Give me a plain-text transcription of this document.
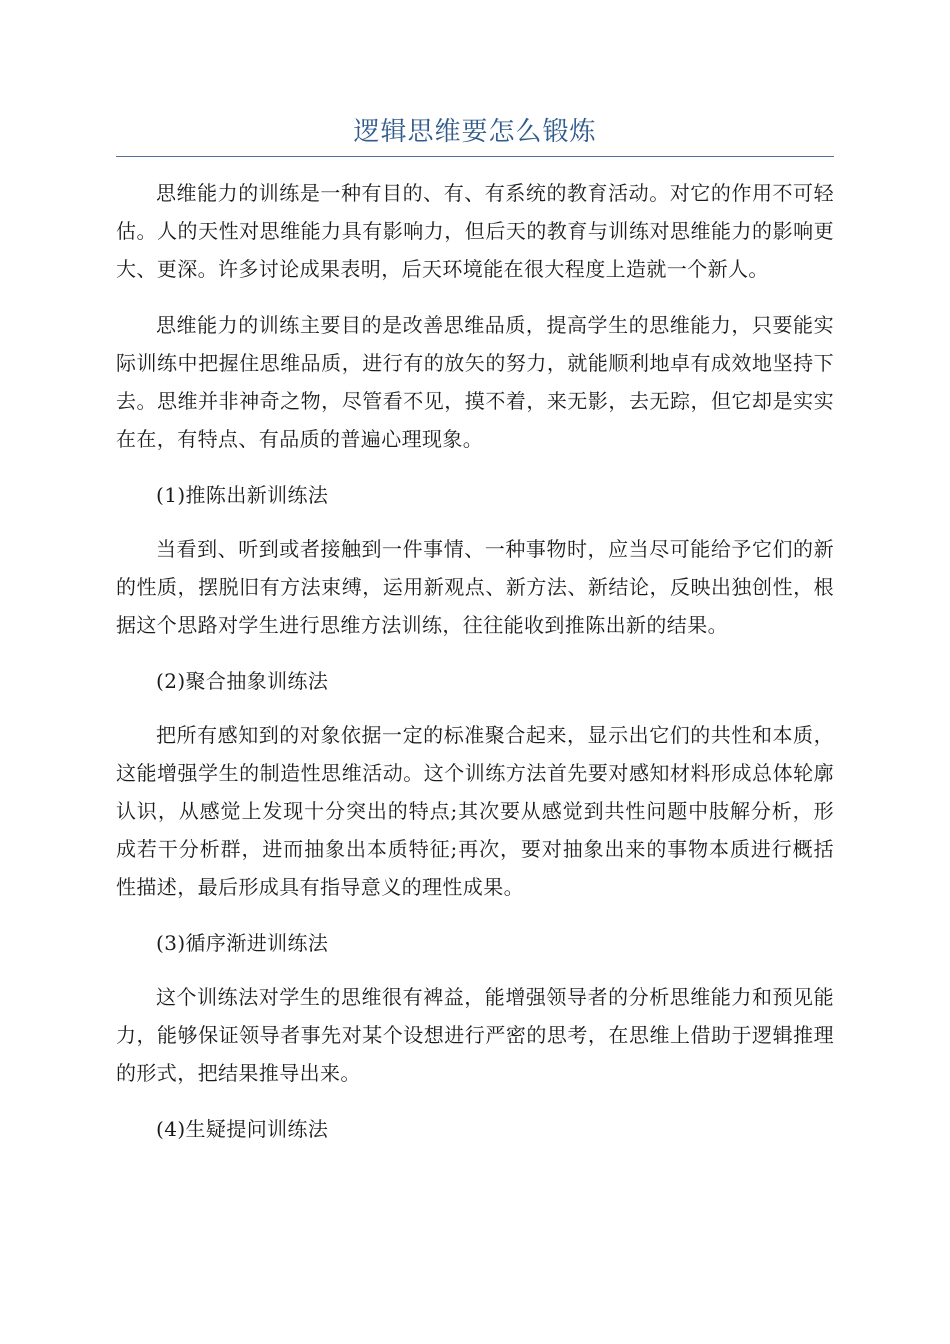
逻辑思维要怎么锻炼

思维能力的训练是一种有目的、有、有系统的教育活动。对它的作用不可轻估。人的天性对思维能力具有影响力，但后天的教育与训练对思维能力的影响更大、更深。许多讨论成果表明，后天环境能在很大程度上造就一个新人。

思维能力的训练主要目的是改善思维品质，提高学生的思维能力，只要能实际训练中把握住思维品质，进行有的放矢的努力，就能顺利地卓有成效地坚持下去。思维并非神奇之物，尽管看不见，摸不着，来无影，去无踪，但它却是实实在在，有特点、有品质的普遍心理现象。

(1)推陈出新训练法

当看到、听到或者接触到一件事情、一种事物时，应当尽可能给予它们的新的性质，摆脱旧有方法束缚，运用新观点、新方法、新结论，反映出独创性，根据这个思路对学生进行思维方法训练，往往能收到推陈出新的结果。

(2)聚合抽象训练法

把所有感知到的对象依据一定的标准聚合起来，显示出它们的共性和本质，这能增强学生的制造性思维活动。这个训练方法首先要对感知材料形成总体轮廓认识，从感觉上发现十分突出的特点;其次要从感觉到共性问题中肢解分析，形成若干分析群，进而抽象出本质特征;再次，要对抽象出来的事物本质进行概括性描述，最后形成具有指导意义的理性成果。

(3)循序渐进训练法

这个训练法对学生的思维很有裨益，能增强领导者的分析思维能力和预见能力，能够保证领导者事先对某个设想进行严密的思考，在思维上借助于逻辑推理的形式，把结果推导出来。

(4)生疑提问训练法
